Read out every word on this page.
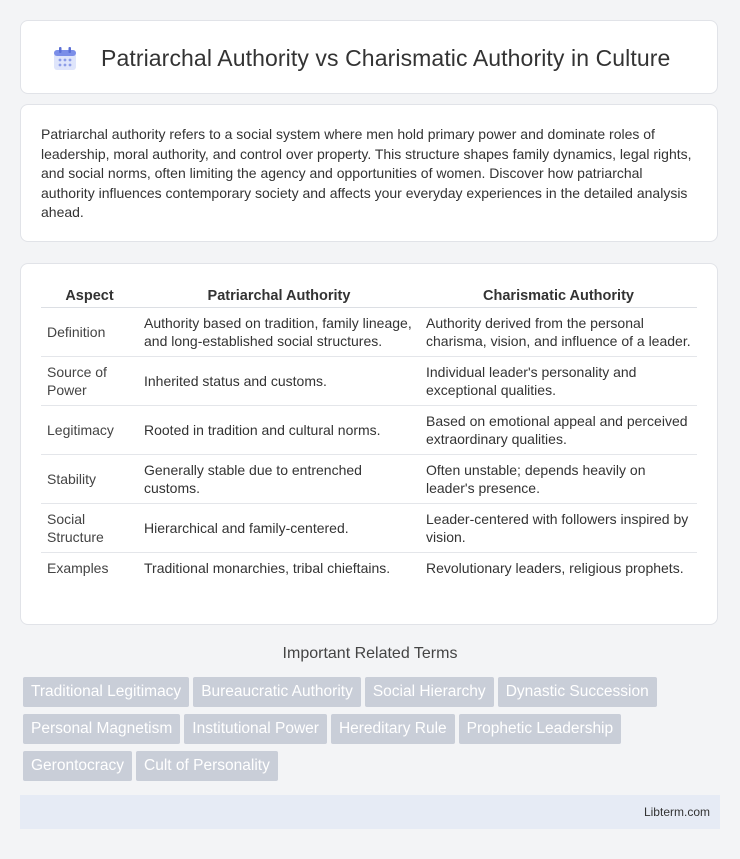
Patriarchal Authority vs Charismatic Authority in Culture

Patriarchal authority refers to a social system where men hold primary power and dominate roles of leadership, moral authority, and control over property. This structure shapes family dynamics, legal rights, and social norms, often limiting the agency and opportunities of women. Discover how patriarchal authority influences contemporary society and affects your everyday experiences in the detailed analysis ahead.

Aspect	Patriarchal Authority	Charismatic Authority
Definition	Authority based on tradition, family lineage, and long-established social structures.	Authority derived from the personal charisma, vision, and influence of a leader.
Source of Power	Inherited status and customs.	Individual leader's personality and exceptional qualities.
Legitimacy	Rooted in tradition and cultural norms.	Based on emotional appeal and perceived extraordinary qualities.
Stability	Generally stable due to entrenched customs.	Often unstable; depends heavily on leader's presence.
Social Structure	Hierarchical and family-centered.	Leader-centered with followers inspired by vision.
Examples	Traditional monarchies, tribal chieftains.	Revolutionary leaders, religious prophets.
Important Related Terms
Traditional Legitimacy Bureaucratic Authority Social Hierarchy Dynastic Succession
Personal Magnetism Institutional Power Hereditary Rule Prophetic Leadership
Gerontocracy Cult of Personality
Libterm.com
